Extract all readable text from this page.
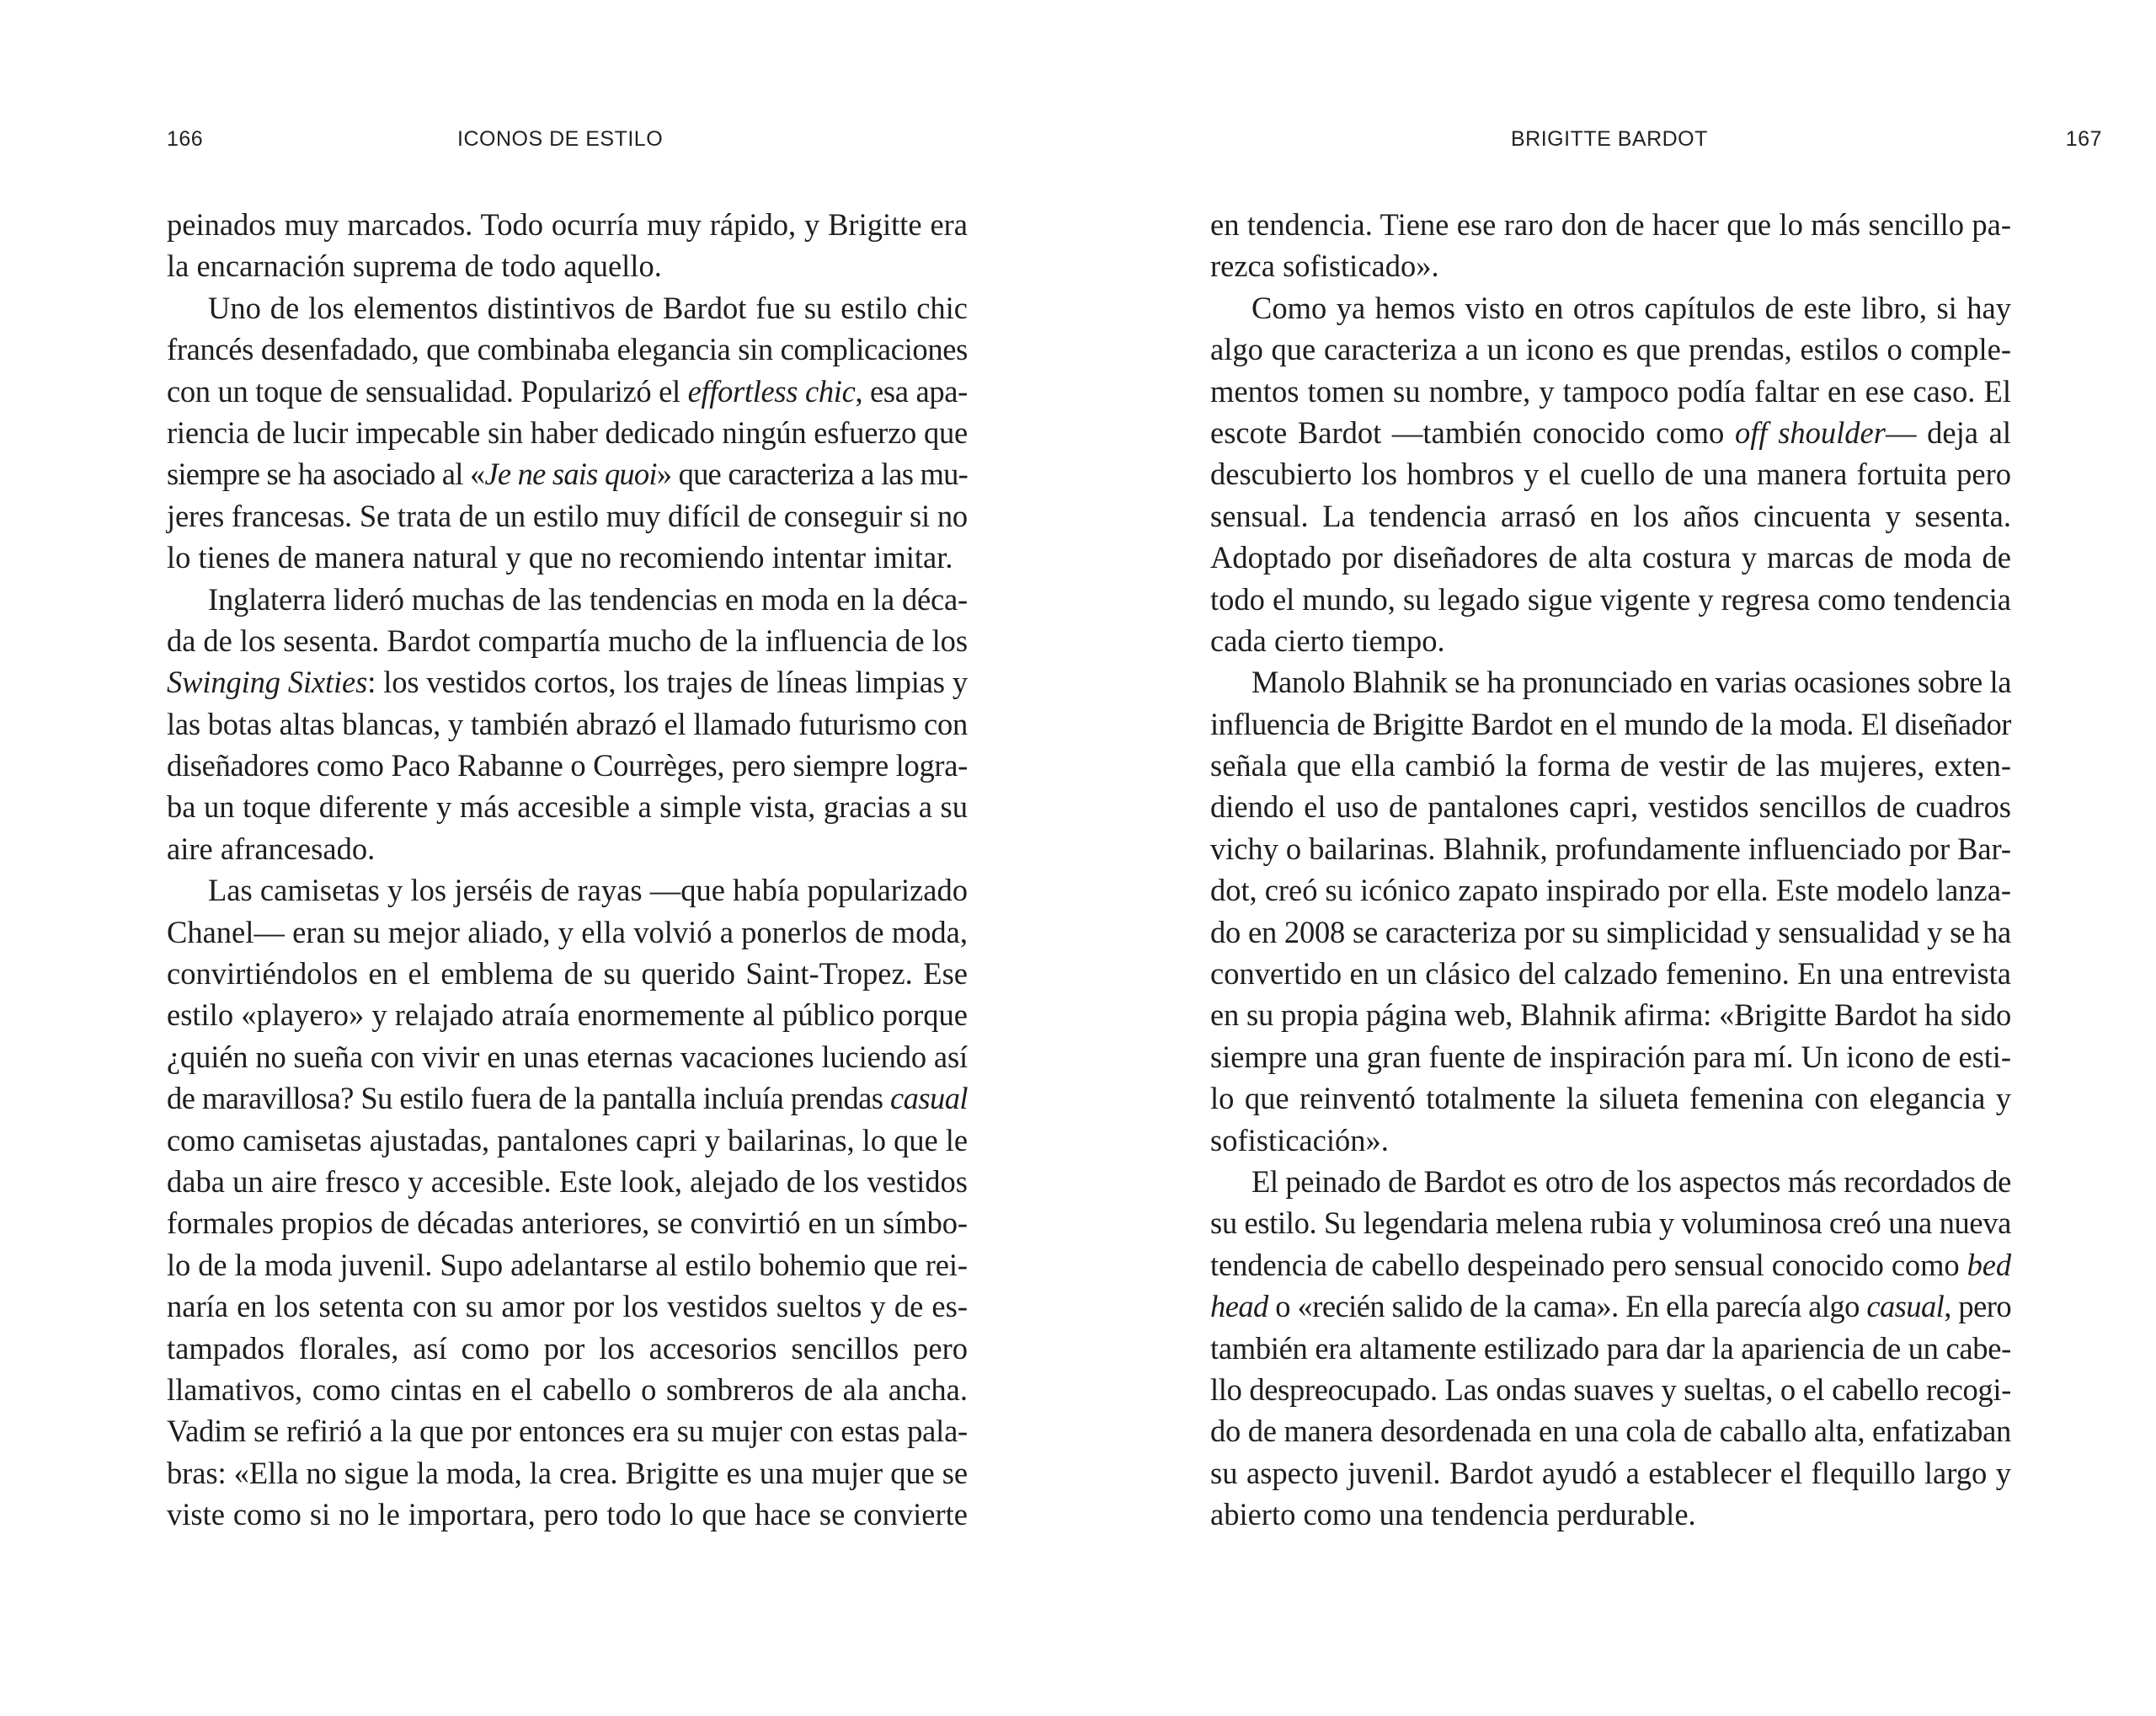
166	ICONOS DE ESTILO
peinados muy marcados. Todo ocurría muy rápido, y Brigitte era
la encarnación suprema de todo aquello.
Uno de los elementos distintivos de Bardot fue su estilo chic
francés desenfadado, que combinaba elegancia sin complicaciones
con un toque de sensualidad. Popularizó el effortless chic, esa apa-
riencia de lucir impecable sin haber dedicado ningún esfuerzo que
siempre se ha asociado al «Je ne sais quoi» que caracteriza a las mu-
jeres francesas. Se trata de un estilo muy difícil de conseguir si no
lo tienes de manera natural y que no recomiendo intentar imitar.
Inglaterra lideró muchas de las tendencias en moda en la déca-
da de los sesenta. Bardot compartía mucho de la influencia de los
Swinging Sixties: los vestidos cortos, los trajes de líneas limpias y
las botas altas blancas, y también abrazó el llamado futurismo con
diseñadores como Paco Rabanne o Courrèges, pero siempre logra-
ba un toque diferente y más accesible a simple vista, gracias a su
aire afrancesado.
Las camisetas y los jerséis de rayas —que había popularizado
Chanel— eran su mejor aliado, y ella volvió a ponerlos de moda,
convirtiéndolos en el emblema de su querido Saint-Tropez. Ese
estilo «playero» y relajado atraía enormemente al público porque
¿quién no sueña con vivir en unas eternas vacaciones luciendo así
de maravillosa? Su estilo fuera de la pantalla incluía prendas casual
como camisetas ajustadas, pantalones capri y bailarinas, lo que le
daba un aire fresco y accesible. Este look, alejado de los vestidos
formales propios de décadas anteriores, se convirtió en un símbo-
lo de la moda juvenil. Supo adelantarse al estilo bohemio que rei-
naría en los setenta con su amor por los vestidos sueltos y de es-
tampados florales, así como por los accesorios sencillos pero
llamativos, como cintas en el cabello o sombreros de ala ancha.
Vadim se refirió a la que por entonces era su mujer con estas pala-
bras: «Ella no sigue la moda, la crea. Brigitte es una mujer que se
viste como si no le importara, pero todo lo que hace se convierte
BRIGITTE BARDOT	167
en tendencia. Tiene ese raro don de hacer que lo más sencillo pa-
rezca sofisticado».
Como ya hemos visto en otros capítulos de este libro, si hay
algo que caracteriza a un icono es que prendas, estilos o comple-
mentos tomen su nombre, y tampoco podía faltar en ese caso. El
escote Bardot —también conocido como off shoulder— deja al
descubierto los hombros y el cuello de una manera fortuita pero
sensual. La tendencia arrasó en los años cincuenta y sesenta.
Adoptado por diseñadores de alta costura y marcas de moda de
todo el mundo, su legado sigue vigente y regresa como tendencia
cada cierto tiempo.
Manolo Blahnik se ha pronunciado en varias ocasiones sobre la
influencia de Brigitte Bardot en el mundo de la moda. El diseñador
señala que ella cambió la forma de vestir de las mujeres, exten-
diendo el uso de pantalones capri, vestidos sencillos de cuadros
vichy o bailarinas. Blahnik, profundamente influenciado por Bar-
dot, creó su icónico zapato inspirado por ella. Este modelo lanza-
do en 2008 se caracteriza por su simplicidad y sensualidad y se ha
convertido en un clásico del calzado femenino. En una entrevista
en su propia página web, Blahnik afirma: «Brigitte Bardot ha sido
siempre una gran fuente de inspiración para mí. Un icono de esti-
lo que reinventó totalmente la silueta femenina con elegancia y
sofisticación».
El peinado de Bardot es otro de los aspectos más recordados de
su estilo. Su legendaria melena rubia y voluminosa creó una nueva
tendencia de cabello despeinado pero sensual conocido como bed
head o «recién salido de la cama». En ella parecía algo casual, pero
también era altamente estilizado para dar la apariencia de un cabe-
llo despreocupado. Las ondas suaves y sueltas, o el cabello recogi-
do de manera desordenada en una cola de caballo alta, enfatizaban
su aspecto juvenil. Bardot ayudó a establecer el flequillo largo y
abierto como una tendencia perdurable.
